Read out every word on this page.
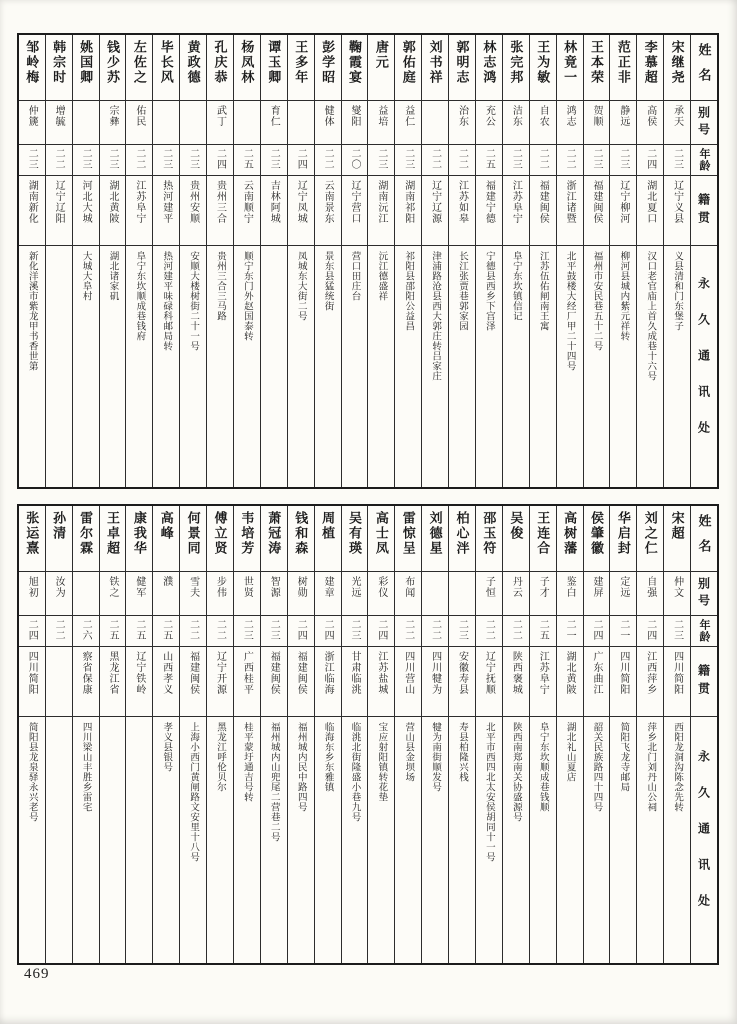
姓名
别号
年龄
籍贯
永久通讯处
宋继尧
承天
二三
辽宁义县
义县清和门东堡子
李慕超
高侯
二四
湖北夏口
汉口老官庙上首久成巷十六号
范正非
静远
二三
辽宁柳河
柳河县城内紫元祥转
王本荣
贺顺
二三
福建闽侯
福州市安民巷五十二号
林竟一
鸿志
二二
浙江诸暨
北平鼓楼大经厂甲二十四号
王为敏
自农
二二
福建闽侯
江苏伍佑闸南王寓
张完邦
洁东
二三
江苏阜宁
阜宁东坎镇信记
林志鸿
充公
二五
福建宁德
宁德县西乡下宫泽
郭明志
治东
二二
江苏如皋
长江张贾巷郭家园
刘书祥
二二
辽宁辽源
津浦路沧县西大郭庄转吕家庄
郭佑庭
益仁
二三
湖南祁阳
祁阳县邵阳公益昌
唐元
益培
二三
湖南沅江
沅江德盛祥
鞠霞宴
燮阳
二〇
辽宁营口
营口田庄台
彭学昭
健体
二二
云南景东
景东县猛统街
王多年
二四
辽宁凤城
凤城东大街二号
谭玉卿
育仁
二三
吉林阿城
杨凤林
二五
云南顺宁
顺宁东门外赵国泰转
孔庆恭
武丁
二四
贵州三合
贵州三合三马路
黄政德
二三
贵州安顺
安顺大楼树街二十一号
毕长风
二三
热河建平
热河建平味碌科邮局转
左佐之
佑民
二二
江苏阜宁
阜宁东坎顺成巷钱府
钱少苏
宗彝
二三
湖北黄陂
湖北诸家矶
姚国卿
二三
河北大城
大城大阜村
韩宗时
增毓
二二
辽宁辽阳
邹岭梅
仲篪
二三
湖南新化
新化洋溪市紫龙甲书香世第
姓名
别号
年龄
籍贯
永久通讯处
宋超
仲文
二三
四川简阳
西阳龙洞沟陈念先转
刘之仁
自强
二四
江西萍乡
萍乡北门刘丹山公祠
华启封
定远
二一
四川简阳
简阳飞龙寺邮局
侯肇徽
建屏
二四
广东曲江
韶关民族路四十四号
高树藩
鉴白
二一
湖北黄陂
湖北礼山夏店
王连合
子才
二五
江苏阜宁
阜宁东坎顺成巷钱顺
吴俊
丹云
二二
陕西褒城
陕西南郑南关协盛源号
邵玉符
子恒
二二
辽宁抚顺
北平市西四北太安侯胡同十一号
柏心泮
二三
安徽寿县
寿县柏隆兴栈
刘德星
二二
四川犍为
犍为南街顺发号
雷惊呈
布闻
二二
四川营山
营山县金坝场
高士凤
彩仪
二四
江苏盐城
宝应射阳镇转花垫
吴有瑛
光远
二三
甘肃临洮
临洮北街隆盛小巷九号
周植
建章
二四
浙江临海
临海东乡东雅镇
钱和森
树勋
二四
福建闽侯
福州城内民中路四号
萧冠涛
智源
二三
福建闽侯
福州城内山兜尾二营巷二号
韦培芳
世贤
二三
广西桂平
桂平蒙圩通吉号转
傅立贤
步伟
二二
辽宁开源
黑龙江呼伦贝尔
何景同
雪夫
二二
福建闽侯
上海小西门黄闸路文安里十八号
高峰
濮
二五
山西孝义
孝义县银号
康我华
健军
二五
辽宁铁岭
王卓超
铁之
二五
黑龙江省
雷尔霖
二六
察省保康
四川梁山丰胜乡雷宅
孙清
汝为
二二
张运熹
旭初
二四
四川简阳
简阳县龙泉驿永兴老号
469
